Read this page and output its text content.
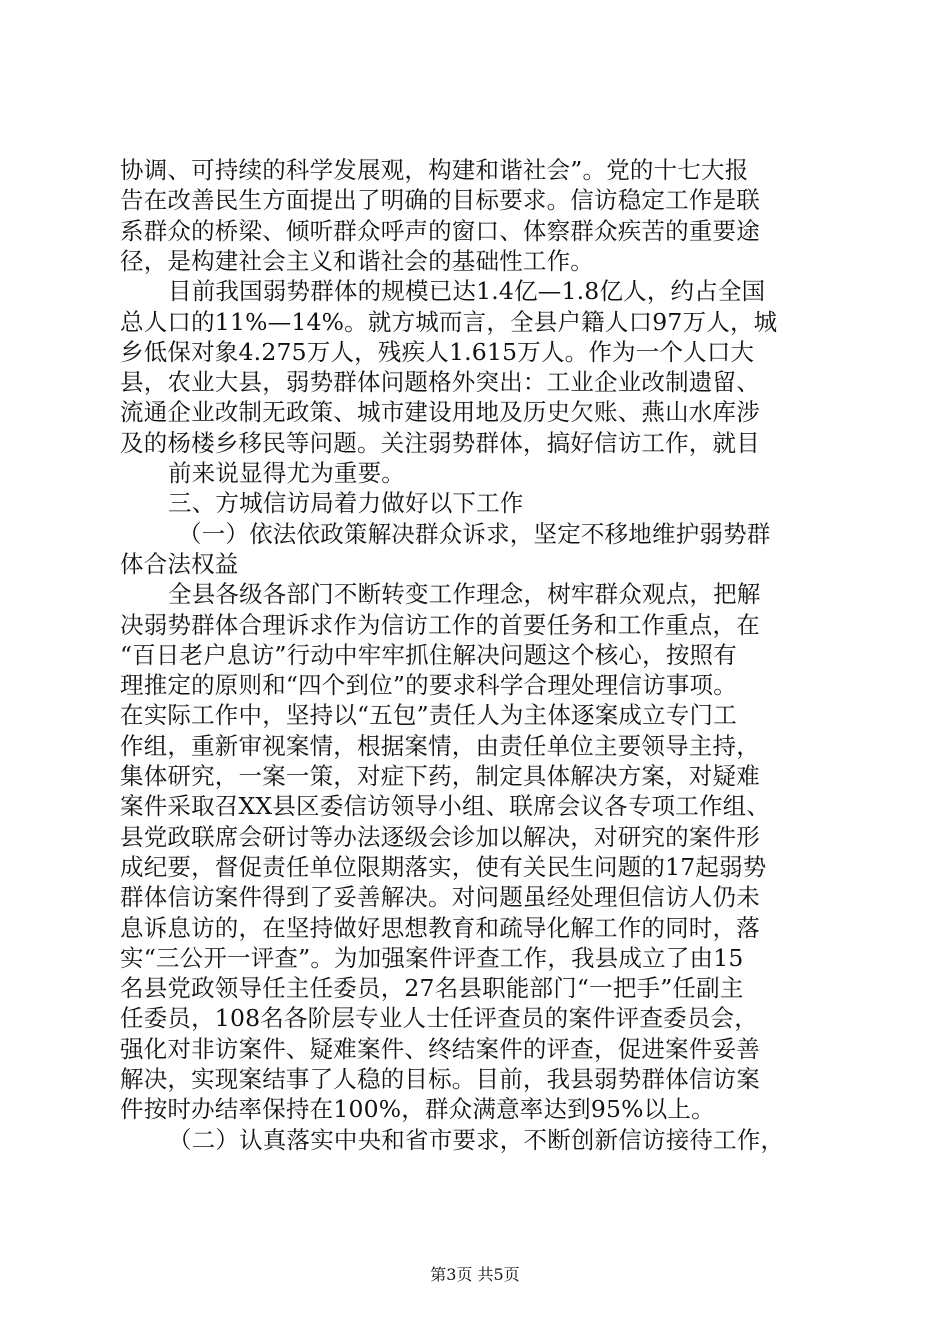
协调、可持续的科学发展观，构建和谐社会”。党的十七大报
告在改善民生方面提出了明确的目标要求。信访稳定工作是联
系群众的桥梁、倾听群众呼声的窗口、体察群众疾苦的重要途
径，是构建社会主义和谐社会的基础性工作。
目前我国弱势群体的规模已达1.4亿—1.8亿人，约占全国
总人口的11%—14%。就方城而言，全县户籍人口97万人，城
乡低保对象4.275万人，残疾人1.615万人。作为一个人口大
县，农业大县，弱势群体问题格外突出：工业企业改制遗留、
流通企业改制无政策、城市建设用地及历史欠账、燕山水库涉
及的杨楼乡移民等问题。关注弱势群体，搞好信访工作，就目
前来说显得尤为重要。
三、方城信访局着力做好以下工作
（一）依法依政策解决群众诉求，坚定不移地维护弱势群
体合法权益
全县各级各部门不断转变工作理念，树牢群众观点，把解
决弱势群体合理诉求作为信访工作的首要任务和工作重点，在
“百日老户息访”行动中牢牢抓住解决问题这个核心，按照有
理推定的原则和“四个到位”的要求科学合理处理信访事项。
在实际工作中，坚持以“五包”责任人为主体逐案成立专门工
作组，重新审视案情，根据案情，由责任单位主要领导主持，
集体研究，一案一策，对症下药，制定具体解决方案，对疑难
案件采取召XX县区委信访领导小组、联席会议各专项工作组、
县党政联席会研讨等办法逐级会诊加以解决，对研究的案件形
成纪要，督促责任单位限期落实，使有关民生问题的17起弱势
群体信访案件得到了妥善解决。对问题虽经处理但信访人仍未
息诉息访的，在坚持做好思想教育和疏导化解工作的同时，落
实“三公开一评查”。为加强案件评查工作，我县成立了由15
名县党政领导任主任委员，27名县职能部门“一把手”任副主
任委员，108名各阶层专业人士任评查员的案件评查委员会，
强化对非访案件、疑难案件、终结案件的评查，促进案件妥善
解决，实现案结事了人稳的目标。目前，我县弱势群体信访案
件按时办结率保持在100%，群众满意率达到95%以上。
（二）认真落实中央和省市要求，不断创新信访接待工作，
第3页 共5页
